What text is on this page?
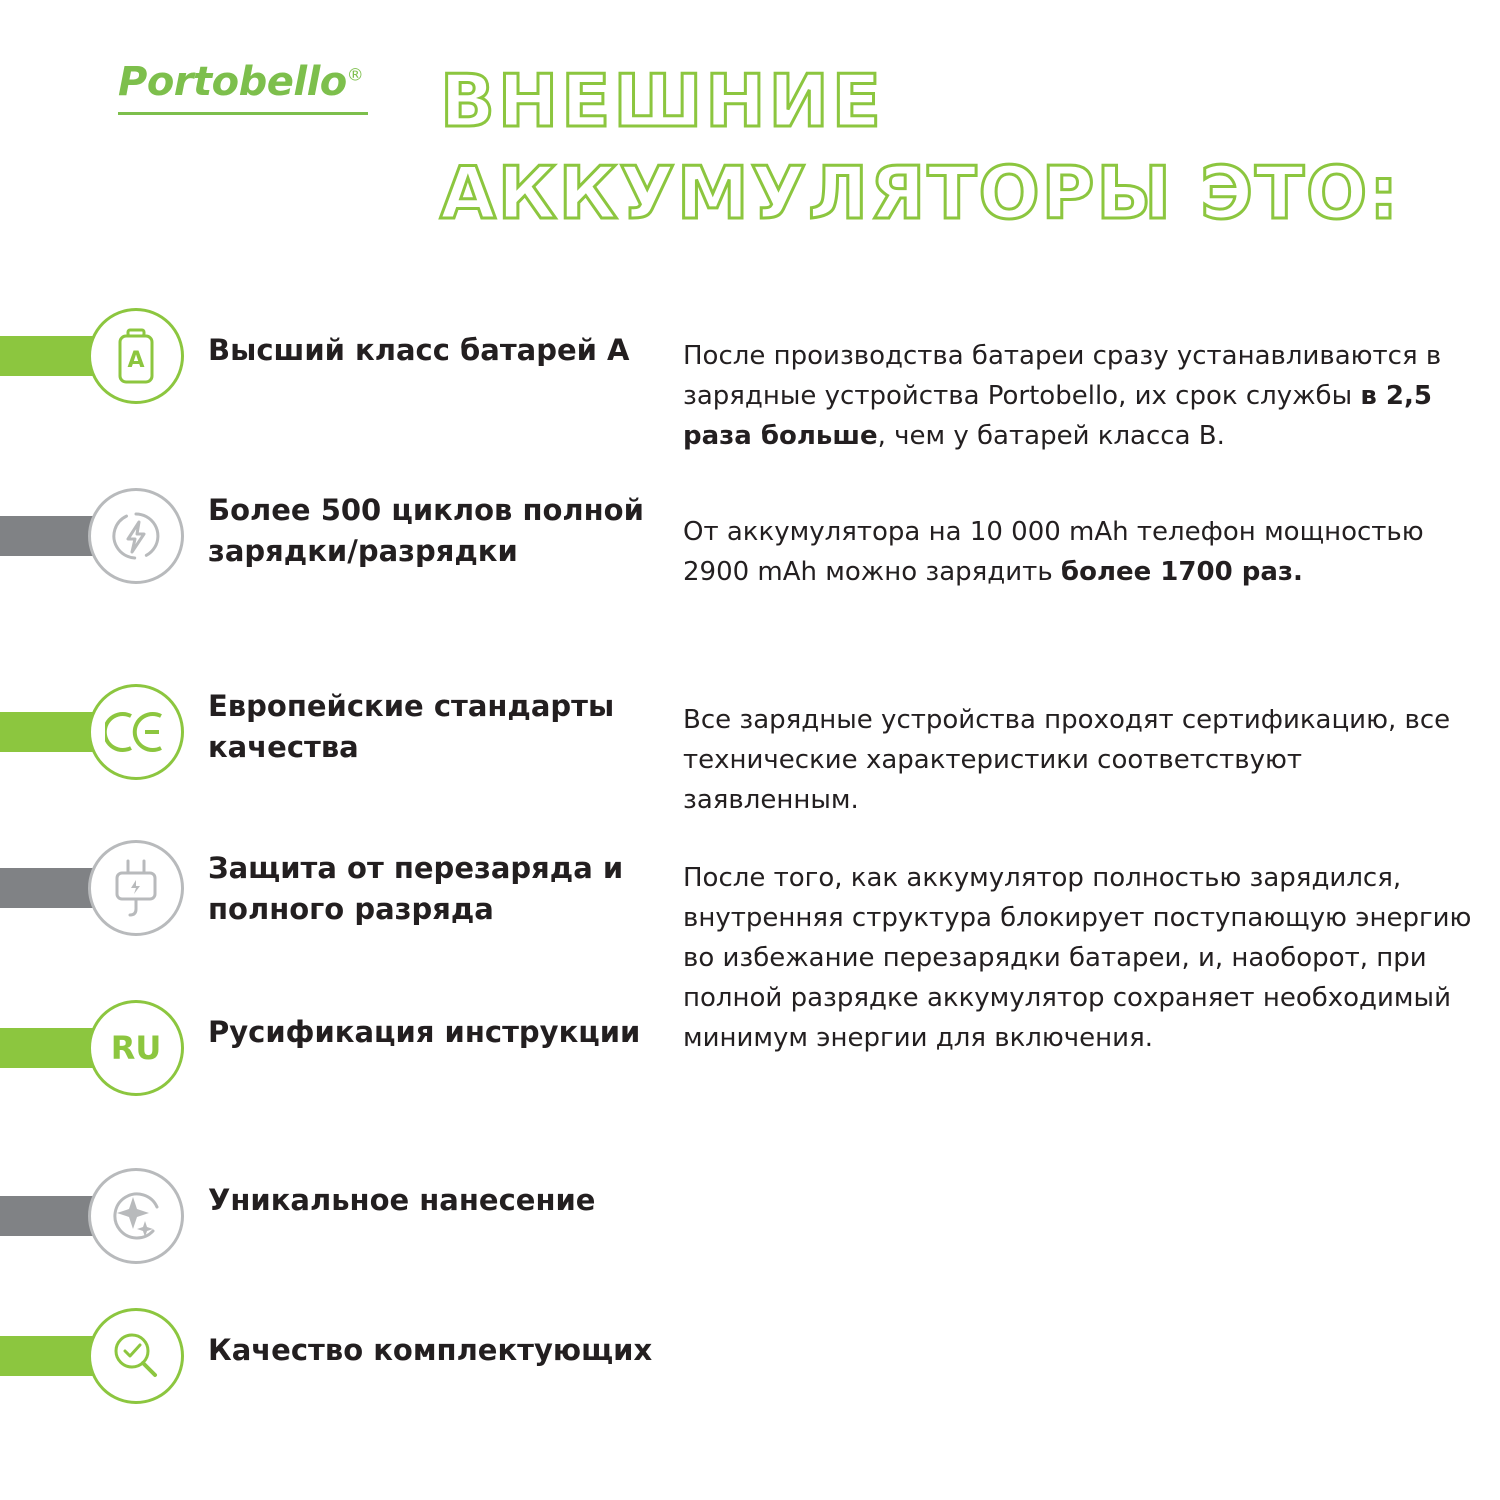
Portobello® ВНЕШНИЕ
АККУМУЛЯТОРЫ ЭТО:
A Высший класс батарей A
Более 500 циклов полной зарядки/разрядки
Европейские стандарты качества
Защита от перезаряда и полного разряда
RU Русификация инструкции
Уникальное нанесение
Качество комплектующих
После производства батареи сразу устанавливаются в зарядные устройства Portobello, их срок службы в 2,5 раза больше, чем у батарей класса B.
От аккумулятора на 10 000 mAh телефон мощностью 2900 mAh можно зарядить более 1700 раз.
Все зарядные устройства проходят сертификацию, все технические характеристики соответствуют заявленным.
После того, как аккумулятор полностью зарядился, внутренняя структура блокирует поступающую энергию во избежание перезарядки батареи, и, наоборот, при полной разрядке аккумулятор сохраняет необходимый минимум энергии для включения.
